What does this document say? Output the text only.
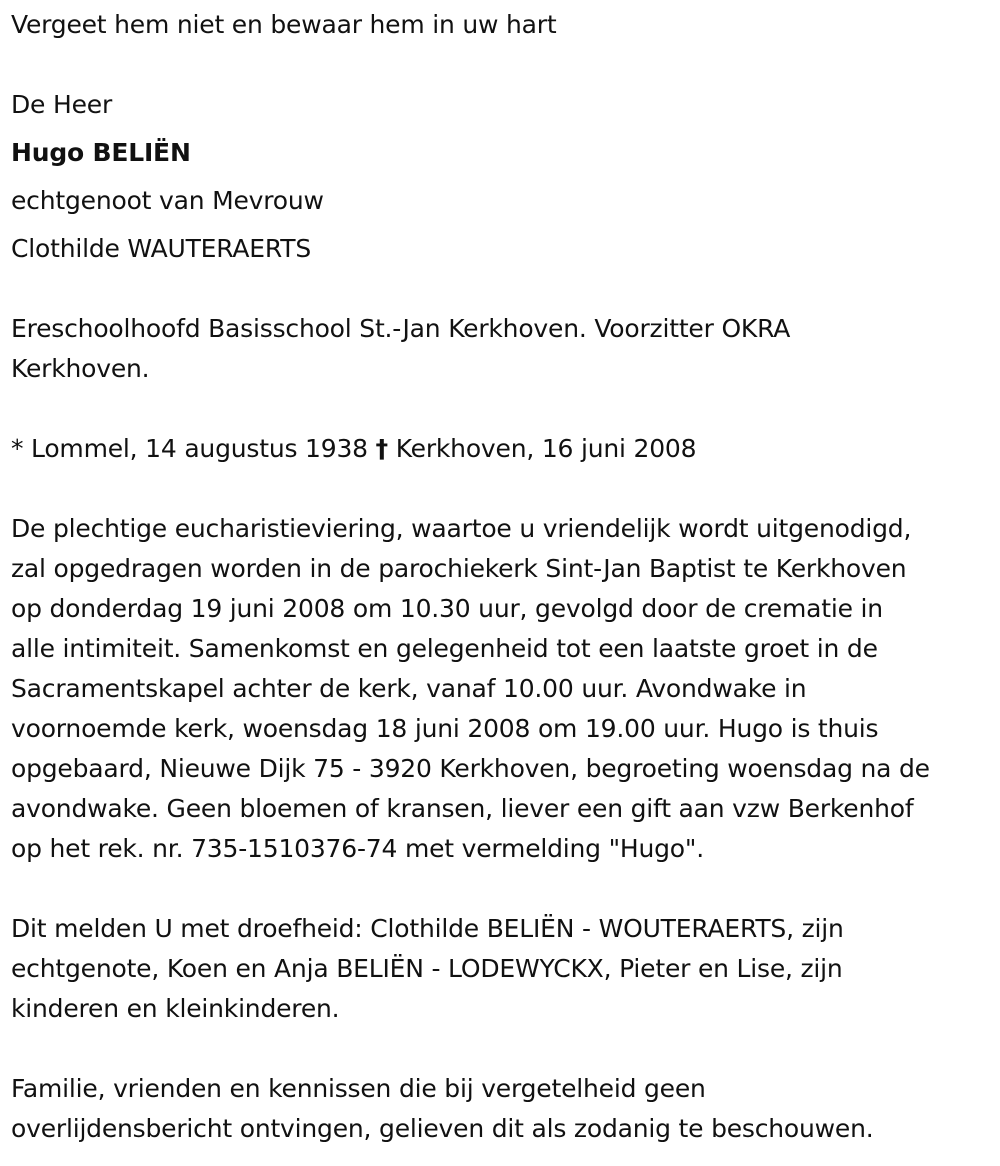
Vergeet hem niet en bewaar hem in uw hart
De Heer
Hugo BELIËN
echtgenoot van Mevrouw
Clothilde WAUTERAERTS
Ereschoolhoofd Basisschool St.-Jan Kerkhoven. Voorzitter OKRA
Kerkhoven.
* Lommel, 14 augustus 1938 † Kerkhoven, 16 juni 2008
De plechtige eucharistieviering, waartoe u vriendelijk wordt uitgenodigd,
zal opgedragen worden in de parochiekerk Sint-Jan Baptist te Kerkhoven
op donderdag 19 juni 2008 om 10.30 uur, gevolgd door de crematie in
alle intimiteit. Samenkomst en gelegenheid tot een laatste groet in de
Sacramentskapel achter de kerk, vanaf 10.00 uur. Avondwake in
voornoemde kerk, woensdag 18 juni 2008 om 19.00 uur. Hugo is thuis
opgebaard, Nieuwe Dijk 75 - 3920 Kerkhoven, begroeting woensdag na de
avondwake. Geen bloemen of kransen, liever een gift aan vzw Berkenhof
op het rek. nr. 735-1510376-74 met vermelding "Hugo".
Dit melden U met droefheid: Clothilde BELIËN - WOUTERAERTS, zijn
echtgenote, Koen en Anja BELIËN - LODEWYCKX, Pieter en Lise, zijn
kinderen en kleinkinderen.
Familie, vrienden en kennissen die bij vergetelheid geen
overlijdensbericht ontvingen, gelieven dit als zodanig te beschouwen.
